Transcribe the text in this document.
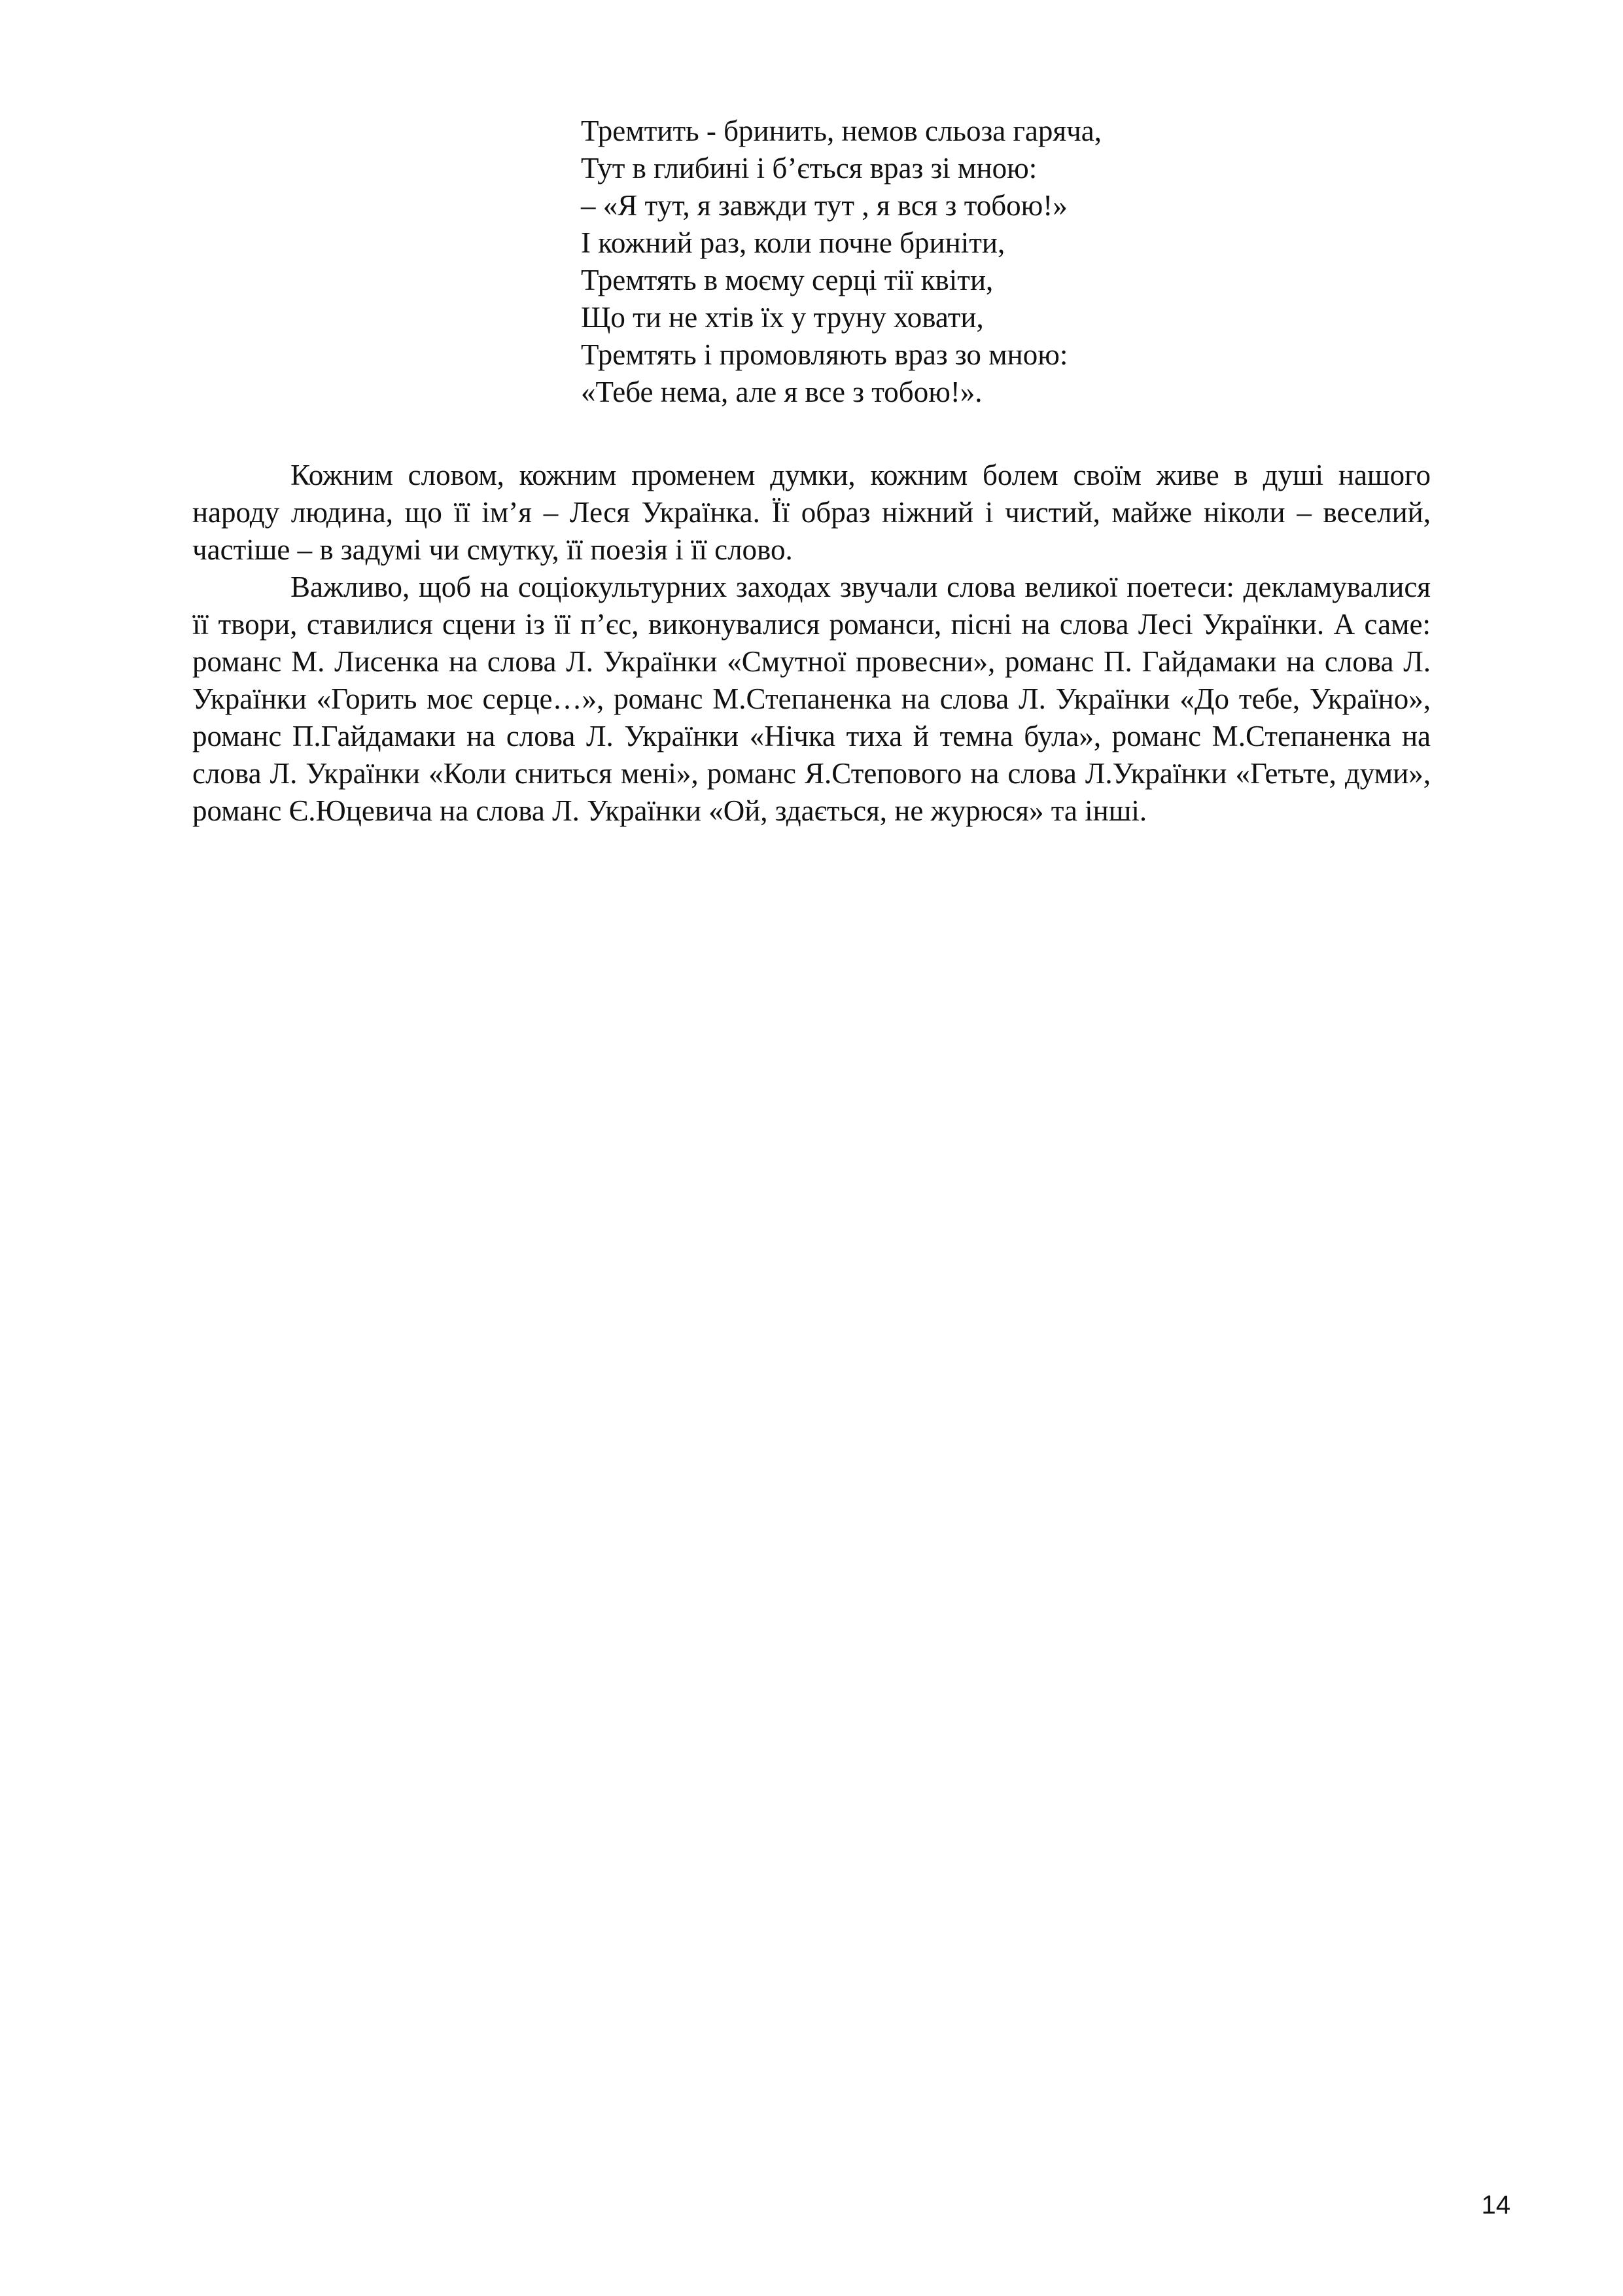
Тремтить - бринить, немов сльоза гаряча,
Тут в глибині і б’ється враз зі мною:
– «Я тут, я завжди тут , я вся з тобою!»
І кожний раз, коли почне бриніти,
Тремтять в моєму серці тії квіти,
Що ти не хтів їх у труну ховати,
Тремтять і промовляють враз зо мною:
«Тебе нема, але я все з тобою!».

Кожним словом, кожним променем думки, кожним болем своїм живе в душі нашого народу людина, що її ім’я – Леся Українка. Її образ ніжний і чистий, майже ніколи – веселий, частіше – в задумі чи смутку, її поезія і її слово.

Важливо, щоб на соціокультурних заходах звучали слова великої поетеси: декламувалися її твори, ставилися сцени із її п’єс, виконувалися романси, пісні на слова Лесі Українки. А саме: романс М. Лисенка на слова Л. Українки «Смутної провесни», романс П. Гайдамаки на слова Л. Українки «Горить моє серце…», романс М.Степаненка на слова Л. Українки «До тебе, Україно», романс П.Гайдамаки на слова Л. Українки «Нічка тиха й темна була», романс М.Степаненка на слова Л. Українки «Коли сниться мені», романс Я.Степового на слова Л.Українки «Гетьте, думи», романс Є.Юцевича на слова Л. Українки «Ой, здається, не журюся» та інші.

14
